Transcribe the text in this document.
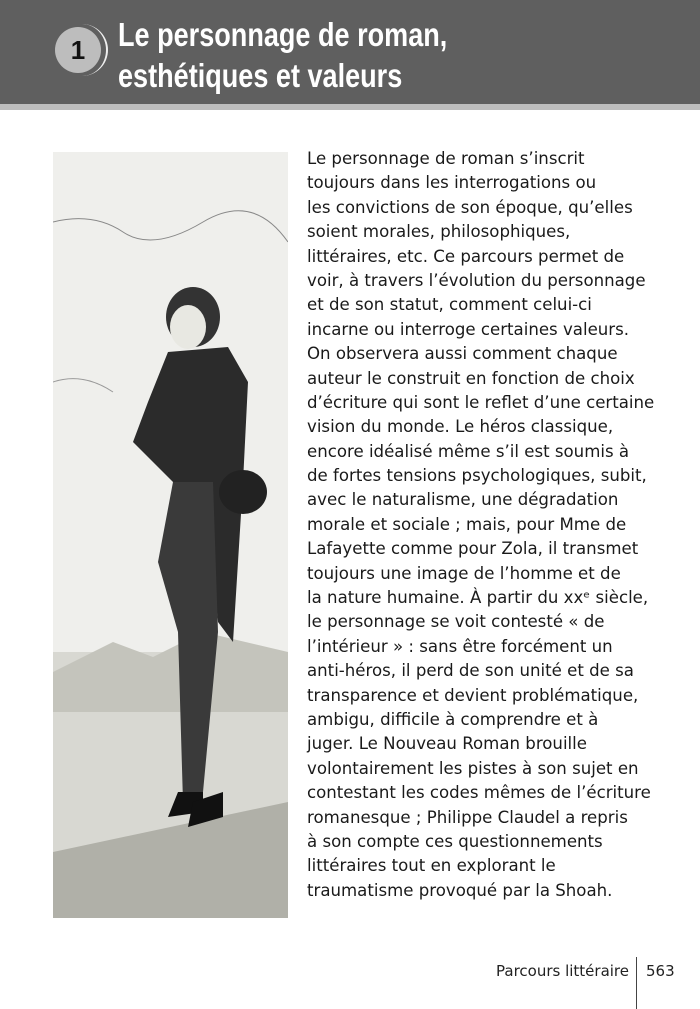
1 Le personnage de roman,
esthétiques et valeurs
Le personnage de roman s’inscrit
toujours dans les interrogations ou
les convictions de son époque, qu’elles
soient morales, philosophiques,
littéraires, etc. Ce parcours permet de
voir, à travers l’évolution du personnage
et de son statut, comment celui-ci
incarne ou interroge certaines valeurs.
On observera aussi comment chaque
auteur le construit en fonction de choix
d’écriture qui sont le reflet d’une certaine
vision du monde. Le héros classique,
encore idéalisé même s’il est soumis à
de fortes tensions psychologiques, subit,
avec le naturalisme, une dégradation
morale et sociale ; mais, pour Mme de
Lafayette comme pour Zola, il transmet
toujours une image de l’homme et de
la nature humaine. À partir du xxᵉ siècle,
le personnage se voit contesté « de
l’intérieur » : sans être forcément un
anti-héros, il perd de son unité et de sa
transparence et devient problématique,
ambigu, difficile à comprendre et à
juger. Le Nouveau Roman brouille
volontairement les pistes à son sujet en
contestant les codes mêmes de l’écriture
romanesque ; Philippe Claudel a repris
à son compte ces questionnements
littéraires tout en explorant le
traumatisme provoqué par la Shoah.
Parcours littéraire 563
